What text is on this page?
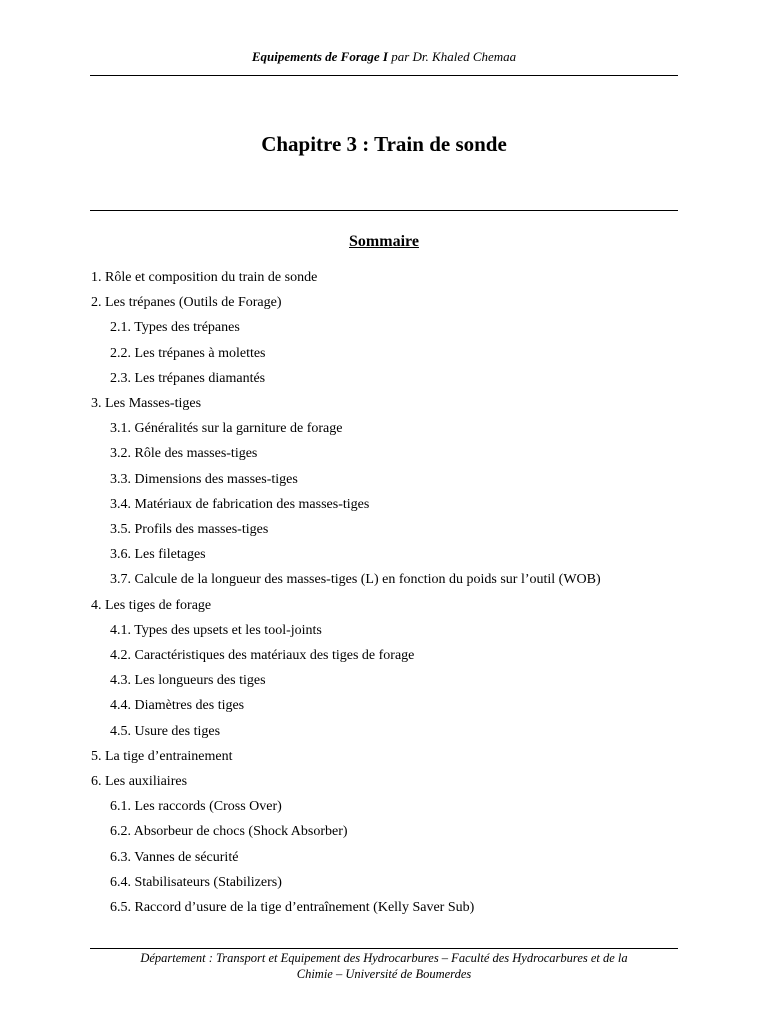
Equipements de Forage I par Dr. Khaled Chemaa
Chapitre 3 : Train de sonde
Sommaire
1. Rôle et composition du train de sonde
2. Les trépanes (Outils de Forage)
2.1. Types des trépanes
2.2. Les trépanes à molettes
2.3. Les trépanes diamantés
3. Les Masses-tiges
3.1. Généralités sur la garniture de forage
3.2. Rôle des masses-tiges
3.3. Dimensions des masses-tiges
3.4. Matériaux de fabrication des masses-tiges
3.5. Profils des masses-tiges
3.6. Les filetages
3.7. Calcule de la longueur des masses-tiges (L) en fonction du poids sur l’outil (WOB)
4. Les tiges de forage
4.1. Types des upsets et les tool-joints
4.2. Caractéristiques des matériaux des tiges de forage
4.3. Les longueurs des tiges
4.4. Diamètres des tiges
4.5. Usure des tiges
5. La tige d’entrainement
6. Les auxiliaires
6.1. Les raccords (Cross Over)
6.2. Absorbeur de chocs (Shock Absorber)
6.3. Vannes de sécurité
6.4. Stabilisateurs (Stabilizers)
6.5. Raccord d’usure de la tige d’entraînement (Kelly Saver Sub)
Département : Transport et Equipement des Hydrocarbures – Faculté des Hydrocarbures et de la
Chimie – Université de Boumerdes
